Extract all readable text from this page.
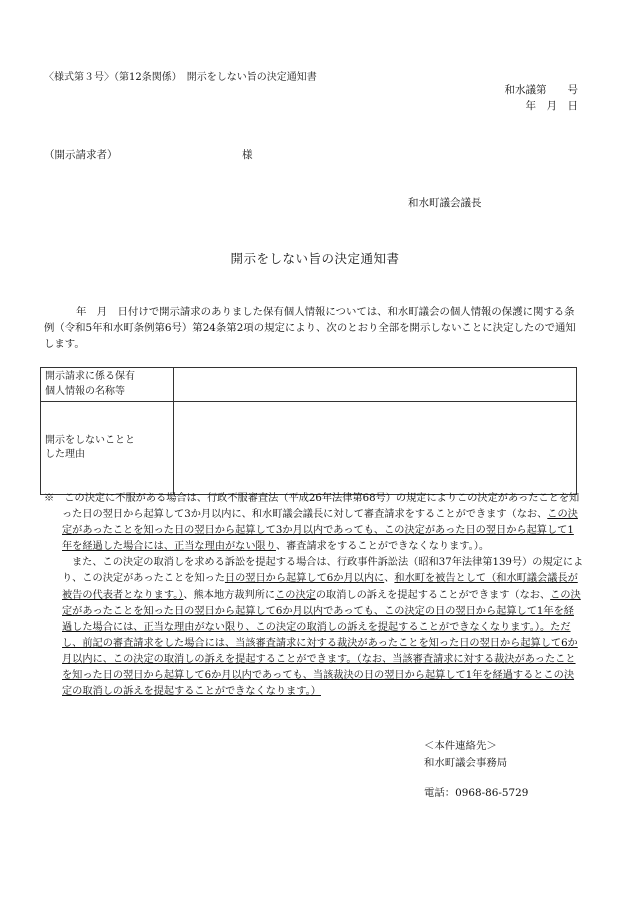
〈様式第３号〉（第12条関係）　開示をしない旨の決定通知書
和水議第　　号
年　月　日
（開示請求者）	様
和水町議会議長
開示をしない旨の決定通知書
年　月　日付けで開示請求のありました保有個人情報については、和水町議会の個人情報の保護に関する条例（令和5年和水町条例第6号）第24条第2項の規定により、次のとおり全部を開示しないことに決定したので通知します。
開示請求に係る保有
個人情報の名称等	
開示をしないことと
した理由	

※　この決定に不服がある場合は、行政不服審査法（平成26年法律第68号）の規定によりこの決定があったことを知った日の翌日から起算して3か月以内に、和水町議会議長に対して審査請求をすることができます（なお、この決定があったことを知った日の翌日から起算して3か月以内であっても、この決定があった日の翌日から起算して1年を経過した場合には、正当な理由がない限り、審査請求をすることができなくなります。）。

また、この決定の取消しを求める訴訟を提起する場合は、行政事件訴訟法（昭和37年法律第139号）の規定により、この決定があったことを知った日の翌日から起算して6か月以内に、和水町を被告として（和水町議会議長が被告の代表者となります。）、熊本地方裁判所にこの決定の取消しの訴えを提起することができます（なお、この決定があったことを知った日の翌日から起算して6か月以内であっても、この決定の日の翌日から起算して1年を経過した場合には、正当な理由がない限り、この決定の取消しの訴えを提起することができなくなります。）。ただし、前記の審査請求をした場合には、当該審査請求に対する裁決があったことを知った日の翌日から起算して6か月以内に、この決定の取消しの訴えを提起することができます。（なお、当該審査請求に対する裁決があったことを知った日の翌日から起算して6か月以内であっても、当該裁決の日の翌日から起算して1年を経過するとこの決定の取消しの訴えを提起することができなくなります。）

＜本件連絡先＞
和水町議会事務局
電話：0968-86-5729
